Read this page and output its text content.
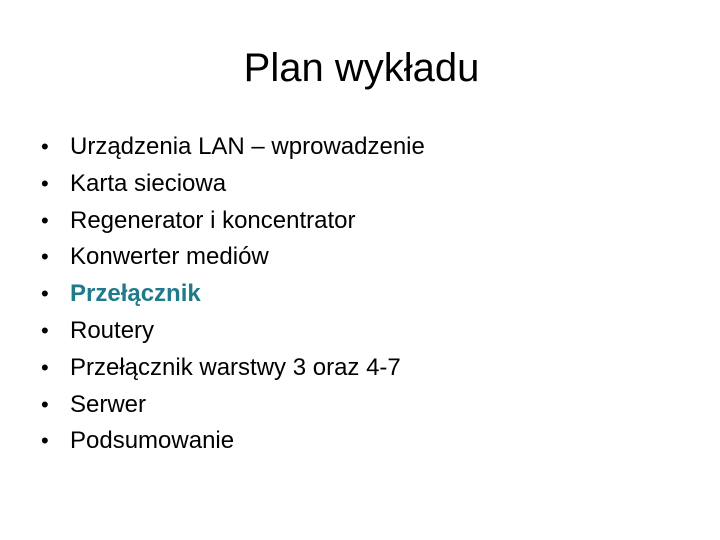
Plan wykładu
• Urządzenia LAN – wprowadzenie
• Karta sieciowa
• Regenerator i koncentrator
• Konwerter mediów
• Przełącznik
• Routery
• Przełącznik warstwy 3 oraz 4-7
• Serwer
• Podsumowanie
